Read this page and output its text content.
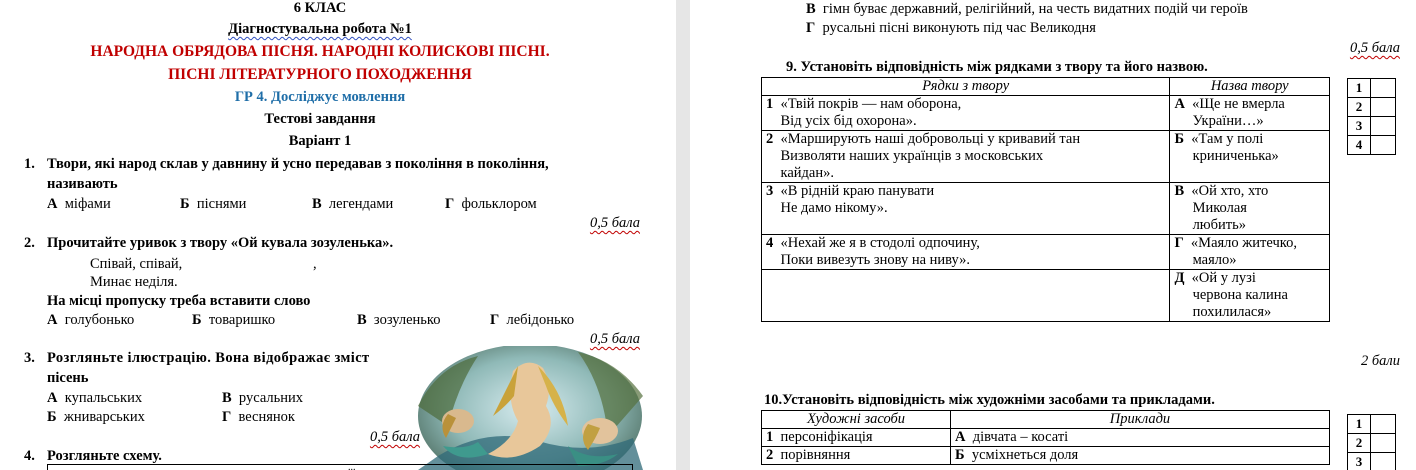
6 КЛАС
Діагностувальна робота №1
НАРОДНА ОБРЯДОВА ПІСНЯ. НАРОДНІ КОЛИСКОВІ ПІСНІ.
ПІСНІ ЛІТЕРАТУРНОГО ПОХОДЖЕННЯ
ГР 4. Досліджує мовлення
Тестові завдання
Варіант 1
1. Твори, які народ склав у давнину й усно передавав з покоління в покоління,
називають
А міфами	Б піснями	В легендами	Г фольклором
0,5 бала
2. Прочитайте уривок з твору «Ой кувала зозуленька».
Співай, співай,	,
Минає неділя.
На місці пропуску треба вставити слово
А голубонько	Б товаришко	В зозуленько	Г лебідонько
0,5 бала
3. Розгляньте ілюстрацію. Вона відображає зміст
пісень
А купальських	В русальних
Б жниварських	Г веснянок
0,5 бала
4. Розгляньте схему.
...
В гімн буває державний, релігійний, на честь видатних подій чи героїв
Г русальні пісні виконують під час Великодня
0,5 бала
9. Установіть відповідність між рядками з твору та його назвою.
Рядки з твору	Назва твору
1 «Твій покрів — нам оборона,
Від усіх бід охорона».	А «Ще не вмерла
України…»
2 «Марширують наші добровольці у кривавий тан
Визволяти наших українців з московських
кайдан».	Б «Там у полі
криниченька»
3 «В рідній краю панувати
Не дамо нікому».	В «Ой хто, хто
Миколая
любить»
4 «Нехай же я в стодолі одпочину,
Поки вивезуть знову на ниву».	Г «Маяло житечко,
маяло»
	Д «Ой у лузі
червона калина
похилилася»
1	
2	
3	
4	
2 бали
10.Установіть відповідність між художніми засобами та прикладами.
Художні засоби	Приклади
1 персоніфікація	А дівчата – косаті
2 порівняння	Б усміхнеться доля
1	
2	
3	
